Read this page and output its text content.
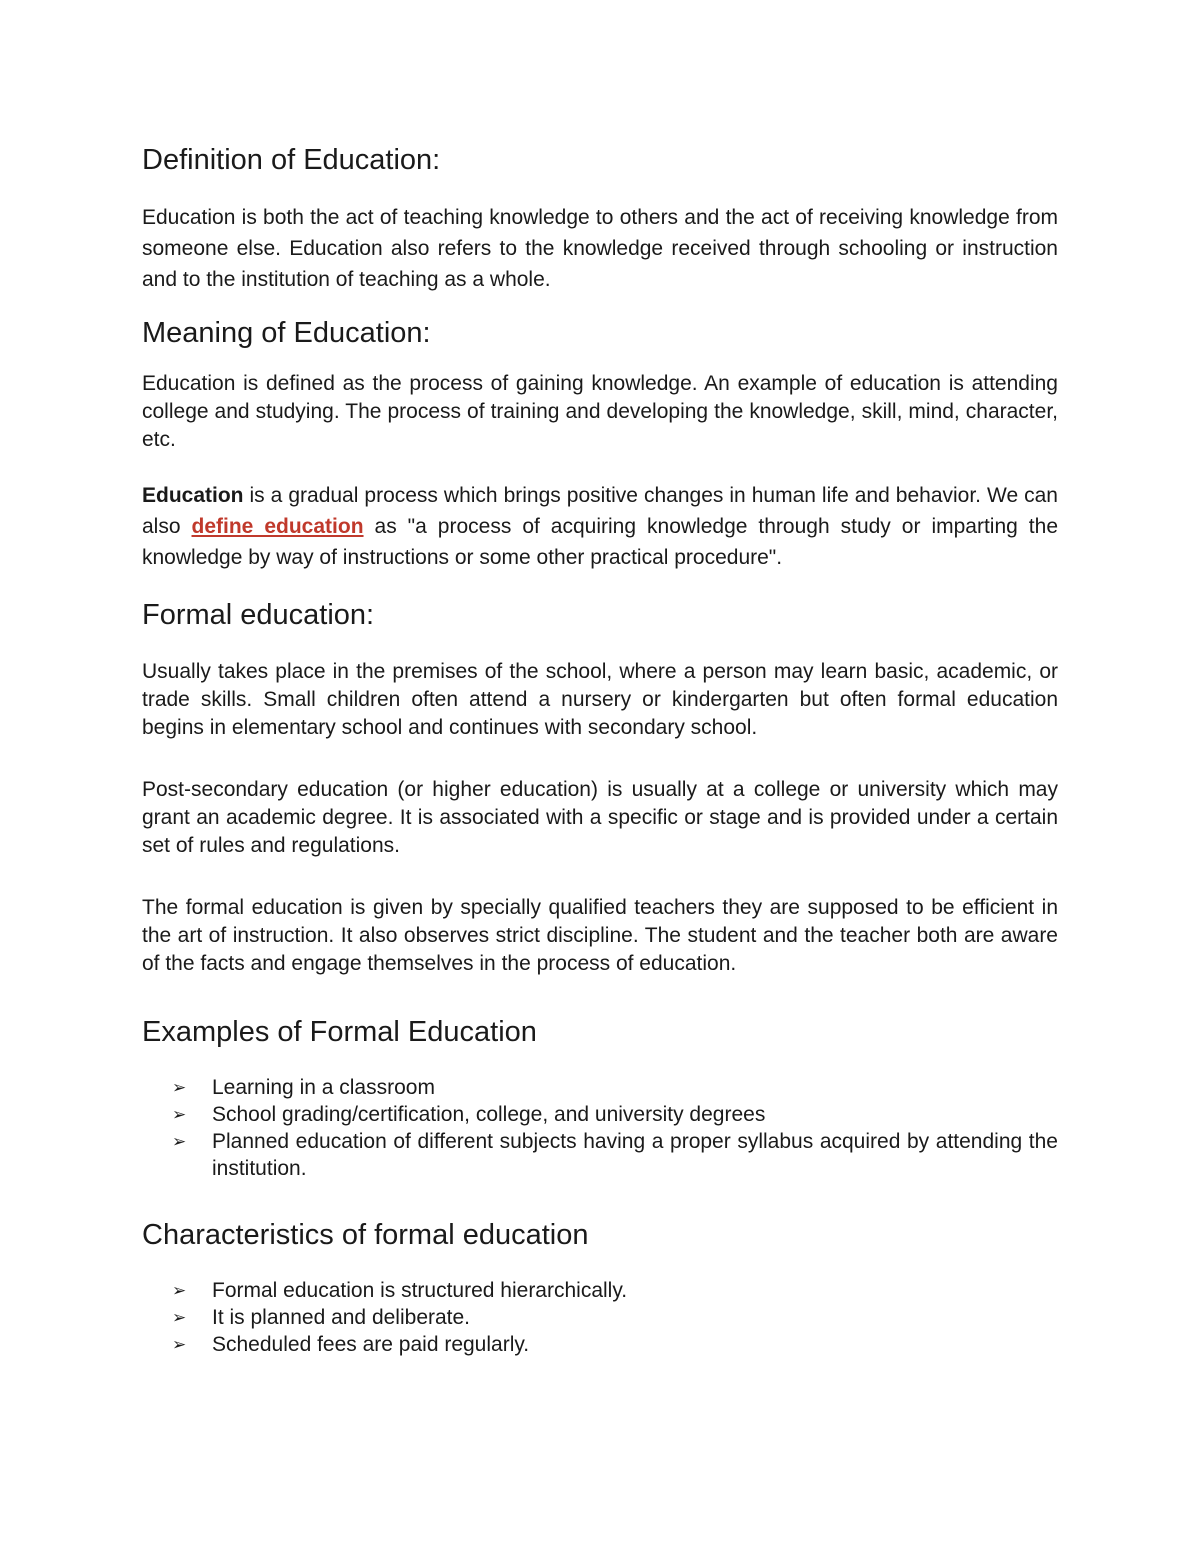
Definition of Education:

Education is both the act of teaching knowledge to others and the act of receiving knowledge from someone else. Education also refers to the knowledge received through schooling or instruction and to the institution of teaching as a whole.

Meaning of Education:

Education is defined as the process of gaining knowledge. An example of education is attending college and studying. The process of training and developing the knowledge, skill, mind, character, etc.

Education is a gradual process which brings positive changes in human life and behavior. We can also define education as "a process of acquiring knowledge through study or imparting the knowledge by way of instructions or some other practical procedure".

Formal education:

Usually takes place in the premises of the school, where a person may learn basic, academic, or trade skills. Small children often attend a nursery or kindergarten but often formal education begins in elementary school and continues with secondary school.

Post-secondary education (or higher education) is usually at a college or university which may grant an academic degree. It is associated with a specific or stage and is provided under a certain set of rules and regulations.

The formal education is given by specially qualified teachers they are supposed to be efficient in the art of instruction. It also observes strict discipline. The student and the teacher both are aware of the facts and engage themselves in the process of education.

Examples of Formal Education
➢ Learning in a classroom
➢ School grading/certification, college, and university degrees
➢ Planned education of different subjects having a proper syllabus acquired by attending the institution.
Characteristics of formal education
➢ Formal education is structured hierarchically.
➢ It is planned and deliberate.
➢ Scheduled fees are paid regularly.
